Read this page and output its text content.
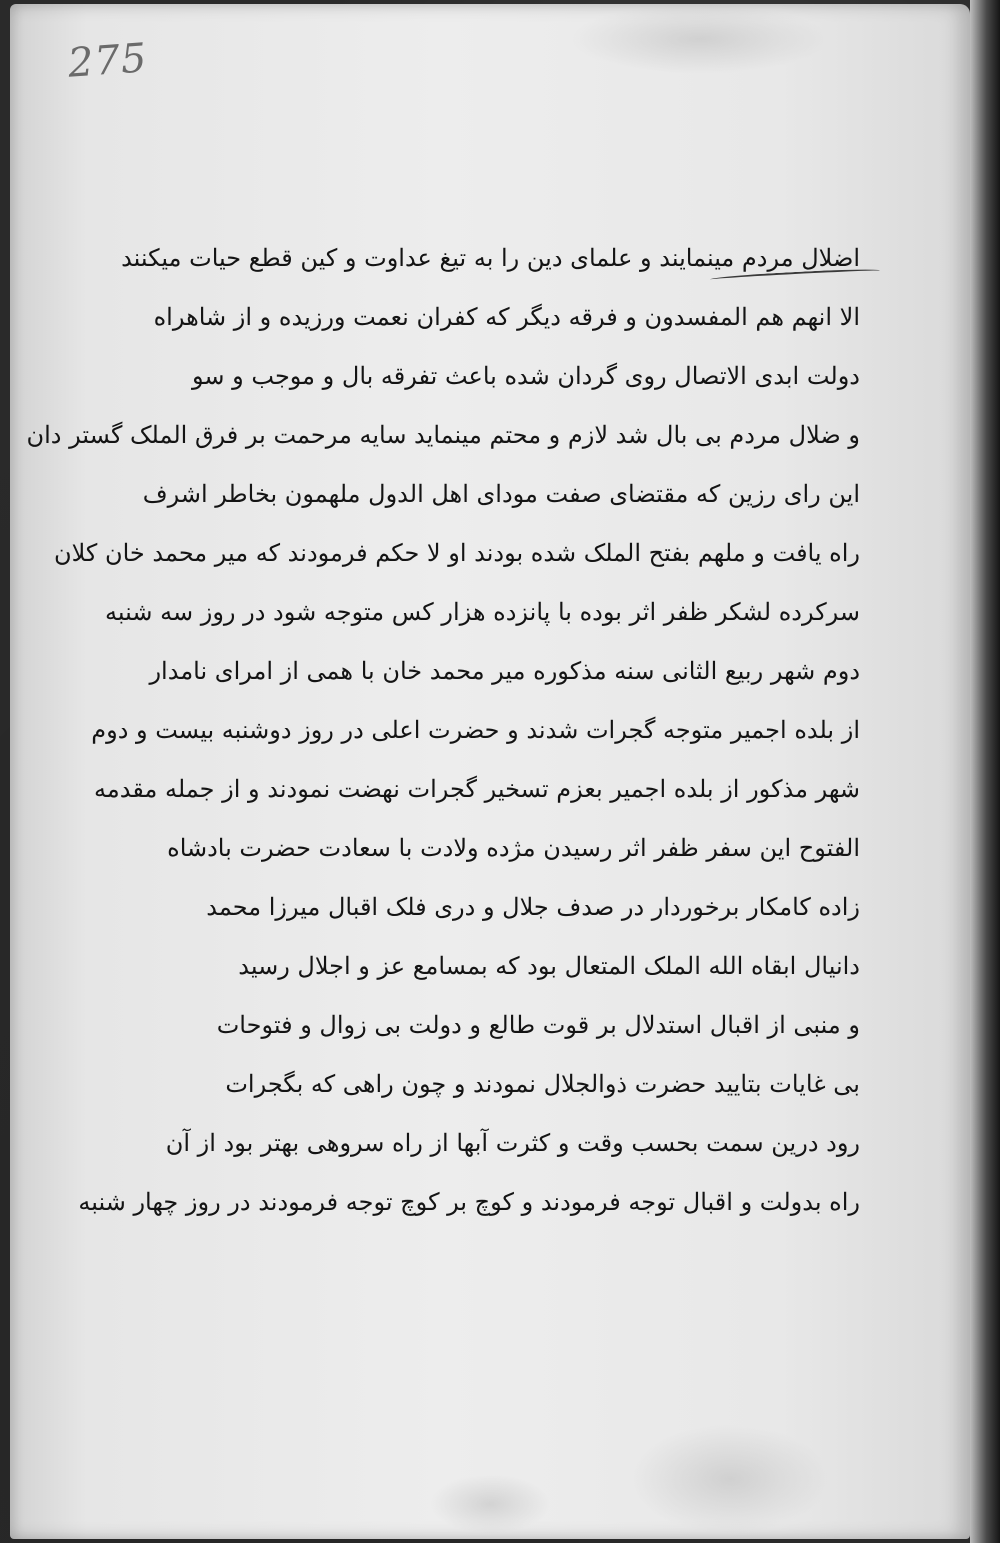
275
اضلال مردم مینمایند و علمای دین را به تیغ عداوت و کین قطع حیات میکنند
الا انهم هم المفسدون و فرقه دیگر که کفران نعمت ورزیده و از شاهراه
دولت ابدی الاتصال روی گردان شده باعث تفرقه بال و موجب و سو
و ضلال مردم بی بال شد لازم و محتم مینماید سایه مرحمت بر فرق الملک گستر دان
این رای رزین که مقتضای صفت مودای اهل الدول ملهمون بخاطر اشرف
راه یافت و ملهم بفتح الملک شده بودند او لا حکم فرمودند که میر محمد خان کلان
سرکرده لشکر ظفر اثر بوده با پانزده هزار کس متوجه شود در روز سه شنبه
دوم شهر ربیع الثانی سنه مذکوره میر محمد خان با همی از امرای نامدار
از بلده اجمیر متوجه گجرات شدند و حضرت اعلی در روز دوشنبه بیست و دوم
شهر مذکور از بلده اجمیر بعزم تسخیر گجرات نهضت نمودند و از جمله مقدمه
الفتوح این سفر ظفر اثر رسیدن مژده ولادت با سعادت حضرت بادشاه
زاده کامکار برخوردار در صدف جلال و دری فلک اقبال میرزا محمد
دانیال ابقاه الله الملک المتعال بود که بمسامع عز و اجلال رسید
و منبی از اقبال استدلال بر قوت طالع و دولت بی زوال و فتوحات
بی غایات بتایید حضرت ذوالجلال نمودند و چون راهی که بگجرات
رود درین سمت بحسب وقت و کثرت آبها از راه سروهی بهتر بود از آن
راه بدولت و اقبال توجه فرمودند و کوچ بر کوچ توجه فرمودند در روز چهار شنبه
